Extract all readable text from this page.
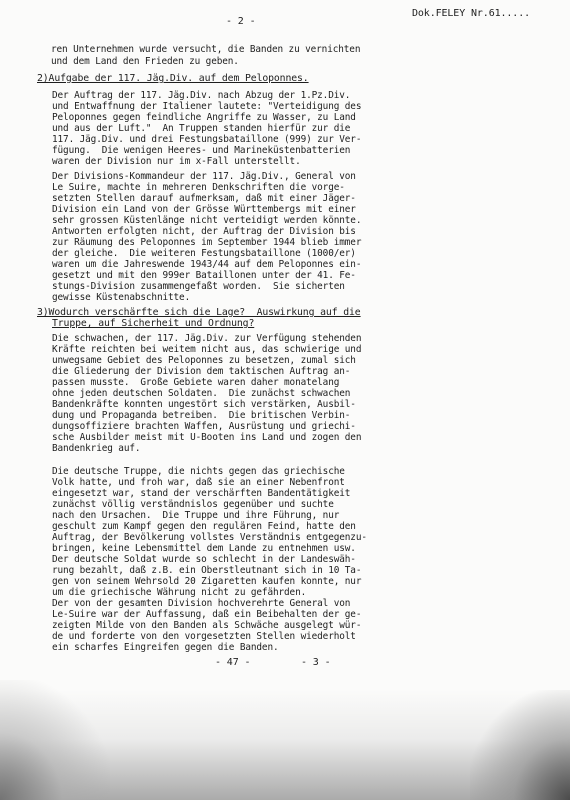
- 2 -
Dok.FELEY Nr.61.....
ren Unternehmen wurde versucht, die Banden zu vernichten
und dem Land den Frieden zu geben.
2)Aufgabe der 117. Jäg.Div. auf dem Peloponnes.
Der Auftrag der 117. Jäg.Div. nach Abzug der 1.Pz.Div.
und Entwaffnung der Italiener lautete: "Verteidigung des
Peloponnes gegen feindliche Angriffe zu Wasser, zu Land
und aus der Luft."  An Truppen standen hierfür zur die
117. Jäg.Div. und drei Festungsbataillone (999) zur Ver-
fügung.  Die wenigen Heeres- und Marineküstenbatterien
waren der Division nur im x-Fall unterstellt.
Der Divisions-Kommandeur der 117. Jäg.Div., General von
Le Suire, machte in mehreren Denkschriften die vorge-
setzten Stellen darauf aufmerksam, daß mit einer Jäger-
Division ein Land von der Grösse Württembergs mit einer
sehr grossen Küstenlänge nicht verteidigt werden könnte.
Antworten erfolgten nicht, der Auftrag der Division bis
zur Räumung des Peloponnes im September 1944 blieb immer
der gleiche.  Die weiteren Festungsbataillone (1000/er)
waren um die Jahreswende 1943/44 auf dem Peloponnes ein-
gesetzt und mit den 999er Bataillonen unter der 41. Fe-
stungs-Division zusammengefaßt worden.  Sie sicherten
gewisse Küstenabschnitte.
3)Wodurch verschärfte sich die Lage?  Auswirkung auf die
Truppe, auf Sicherheit und Ordnung?
Die schwachen, der 117. Jäg.Div. zur Verfügung stehenden
Kräfte reichten bei weitem nicht aus, das schwierige und
unwegsame Gebiet des Peloponnes zu besetzen, zumal sich
die Gliederung der Division dem taktischen Auftrag an-
passen musste.  Große Gebiete waren daher monatelang
ohne jeden deutschen Soldaten.  Die zunächst schwachen
Bandenkräfte konnten ungestört sich verstärken, Ausbil-
dung und Propaganda betreiben.  Die britischen Verbin-
dungsoffiziere brachten Waffen, Ausrüstung und griechi-
sche Ausbilder meist mit U-Booten ins Land und zogen den
Bandenkrieg auf.
Die deutsche Truppe, die nichts gegen das griechische
Volk hatte, und froh war, daß sie an einer Nebenfront
eingesetzt war, stand der verschärften Bandentätigkeit
zunächst völlig verständnislos gegenüber und suchte
nach den Ursachen.  Die Truppe und ihre Führung, nur
geschult zum Kampf gegen den regulären Feind, hatte den
Auftrag, der Bevölkerung vollstes Verständnis entgegenzu-
bringen, keine Lebensmittel dem Lande zu entnehmen usw.
Der deutsche Soldat wurde so schlecht in der Landeswäh-
rung bezahlt, daß z.B. ein Oberstleutnant sich in 10 Ta-
gen von seinem Wehrsold 20 Zigaretten kaufen konnte, nur
um die griechische Währung nicht zu gefährden.
Der von der gesamten Division hochverehrte General von
Le-Suire war der Auffassung, daß ein Beibehalten der ge-
zeigten Milde von den Banden als Schwäche ausgelegt wür-
de und forderte von den vorgesetzten Stellen wiederholt
ein scharfes Eingreifen gegen die Banden.
- 47 -	- 3 -
